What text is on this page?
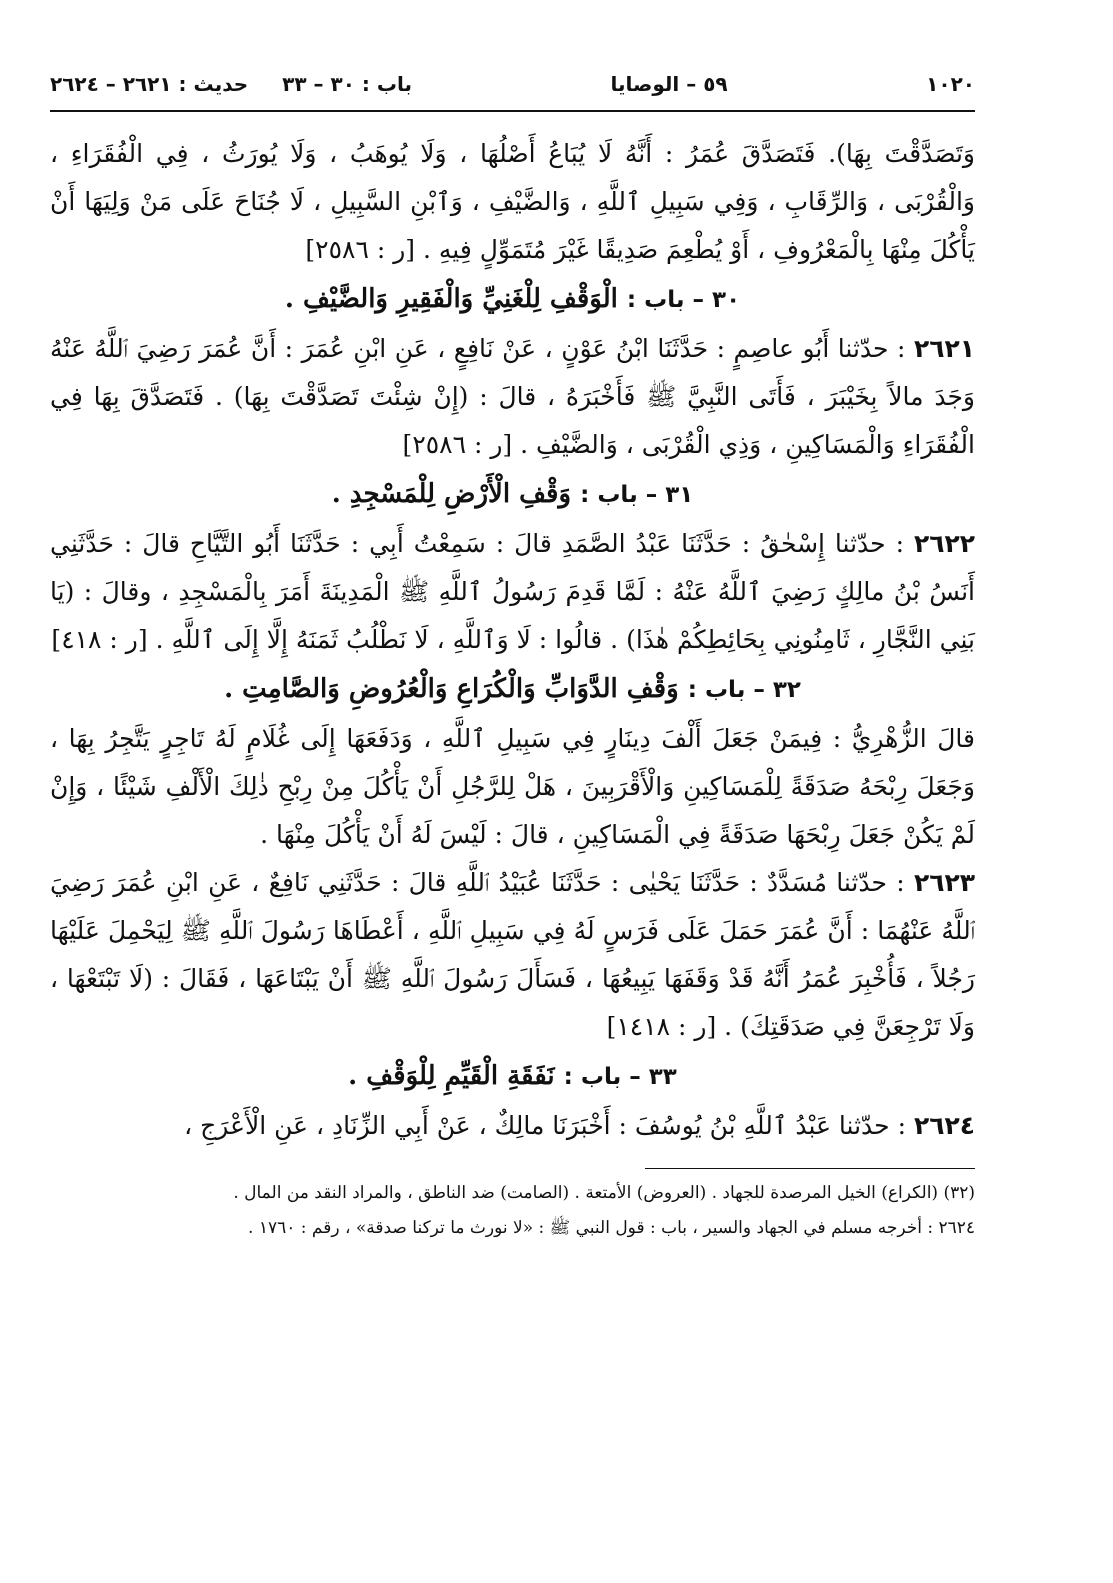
١٠٢٠
٥٩ – الوصايا
باب : ٣٠ – ٣٣
حديث : ٢٦٢١ – ٢٦٢٤

وَتَصَدَّقْتَ بِهَا). فَتَصَدَّقَ عُمَرُ : أَنَّهُ لَا يُبَاعُ أَصْلُهَا ، وَلَا يُوهَبُ ، وَلَا يُورَثُ ، فِي الْفُقَرَاءِ ، وَالْقُرْبَى ، وَالرِّقَابِ ، وَفِي سَبِيلِ ٱللَّهِ ، وَالضَّيْفِ ، وَٱبْنِ السَّبِيلِ ، لَا جُنَاحَ عَلَى مَنْ وَلِيَهَا أَنْ يَأْكُلَ مِنْهَا بِالْمَعْرُوفِ ، أَوْ يُطْعِمَ صَدِيقًا غَيْرَ مُتَمَوِّلٍ فِيهِ . [ر : ٢٥٨٦]

٣٠ – باب : الْوَقْفِ لِلْغَنِيِّ وَالْفَقِيرِ وَالضَّيْفِ .

٢٦٢١ : حدّثنا أَبُو عاصِمٍ : حَدَّثَنَا ابْنُ عَوْنٍ ، عَنْ نَافِعٍ ، عَنِ ابْنِ عُمَرَ : أَنَّ عُمَرَ رَضِيَ ٱللَّهُ عَنْهُ وَجَدَ مالاً بِخَيْبَرَ ، فَأَتَى النَّبِيَّ ﷺ فَأَخْبَرَهُ ، قالَ : (إِنْ شِئْتَ تَصَدَّقْتَ بِهَا) . فَتَصَدَّقَ بِهَا فِي الْفُقَرَاءِ وَالْمَسَاكِينِ ، وَذِي الْقُرْبَى ، وَالضَّيْفِ . [ر : ٢٥٨٦]

٣١ – باب : وَقْفِ الْأَرْضِ لِلْمَسْجِدِ .

٢٦٢٢ : حدّثنا إِسْحٰقُ : حَدَّثَنَا عَبْدُ الصَّمَدِ قالَ : سَمِعْتُ أَبِي : حَدَّثَنَا أَبُو التَّيَّاحِ قالَ : حَدَّثَنِي أَنَسُ بْنُ مالِكٍ رَضِيَ ٱللَّهُ عَنْهُ : لَمَّا قَدِمَ رَسُولُ ٱللَّهِ ﷺ الْمَدِينَةَ أَمَرَ بِالْمَسْجِدِ ، وقالَ : (يَا بَنِي النَّجَّارِ ، ثَامِنُونِي بِحَائِطِكُمْ هٰذَا) . قالُوا : لَا وَٱللَّهِ ، لَا نَطْلُبُ ثَمَنَهُ إِلَّا إِلَى ٱللَّهِ . [ر : ٤١٨]

٣٢ – باب : وَقْفِ الدَّوَابِّ وَالْكُرَاعِ وَالْعُرُوضِ وَالصَّامِتِ .

قالَ الزُّهْرِيُّ : فِيمَنْ جَعَلَ أَلْفَ دِينَارٍ فِي سَبِيلِ ٱللَّهِ ، وَدَفَعَهَا إِلَى غُلَامٍ لَهُ تَاجِرٍ يَتَّجِرُ بِهَا ، وَجَعَلَ رِبْحَهُ صَدَقَةً لِلْمَسَاكِينِ وَالْأَقْرَبِينَ ، هَلْ لِلرَّجُلِ أَنْ يَأْكُلَ مِنْ رِبْحِ ذٰلِكَ الْأَلْفِ شَيْئًا ، وَإِنْ لَمْ يَكُنْ جَعَلَ رِبْحَهَا صَدَقَةً فِي الْمَسَاكِينِ ، قالَ : لَيْسَ لَهُ أَنْ يَأْكُلَ مِنْهَا .

٢٦٢٣ : حدّثنا مُسَدَّدٌ : حَدَّثَنَا يَحْيٰى : حَدَّثَنَا عُبَيْدُ ٱللَّهِ قالَ : حَدَّثَنِي نَافِعٌ ، عَنِ ابْنِ عُمَرَ رَضِيَ ٱللَّهُ عَنْهُمَا : أَنَّ عُمَرَ حَمَلَ عَلَى فَرَسٍ لَهُ فِي سَبِيلِ ٱللَّهِ ، أَعْطَاهَا رَسُولَ ٱللَّهِ ﷺ لِيَحْمِلَ عَلَيْهَا رَجُلاً ، فَأُخْبِرَ عُمَرُ أَنَّهُ قَدْ وَقَفَهَا يَبِيعُهَا ، فَسَأَلَ رَسُولَ ٱللَّهِ ﷺ أَنْ يَبْتَاعَهَا ، فَقَالَ : (لَا تَبْتَعْهَا ، وَلَا تَرْجِعَنَّ فِي صَدَقَتِكَ) . [ر : ١٤١٨]

٣٣ – باب : نَفَقَةِ الْقَيِّمِ لِلْوَقْفِ .

٢٦٢٤ : حدّثنا عَبْدُ ٱللَّهِ بْنُ يُوسُفَ : أَخْبَرَنَا مالِكٌ ، عَنْ أَبِي الزِّنَادِ ، عَنِ الْأَعْرَجِ ،

(٣٢) (الكراع) الخيل المرصدة للجهاد . (العروض) الأمتعة . (الصامت) ضد الناطق ، والمراد النقد من المال .

٢٦٢٤ : أخرجه مسلم في الجهاد والسير ، باب : قول النبي ﷺ : «لا نورث ما تركنا صدقة» ، رقم : ١٧٦٠ .
